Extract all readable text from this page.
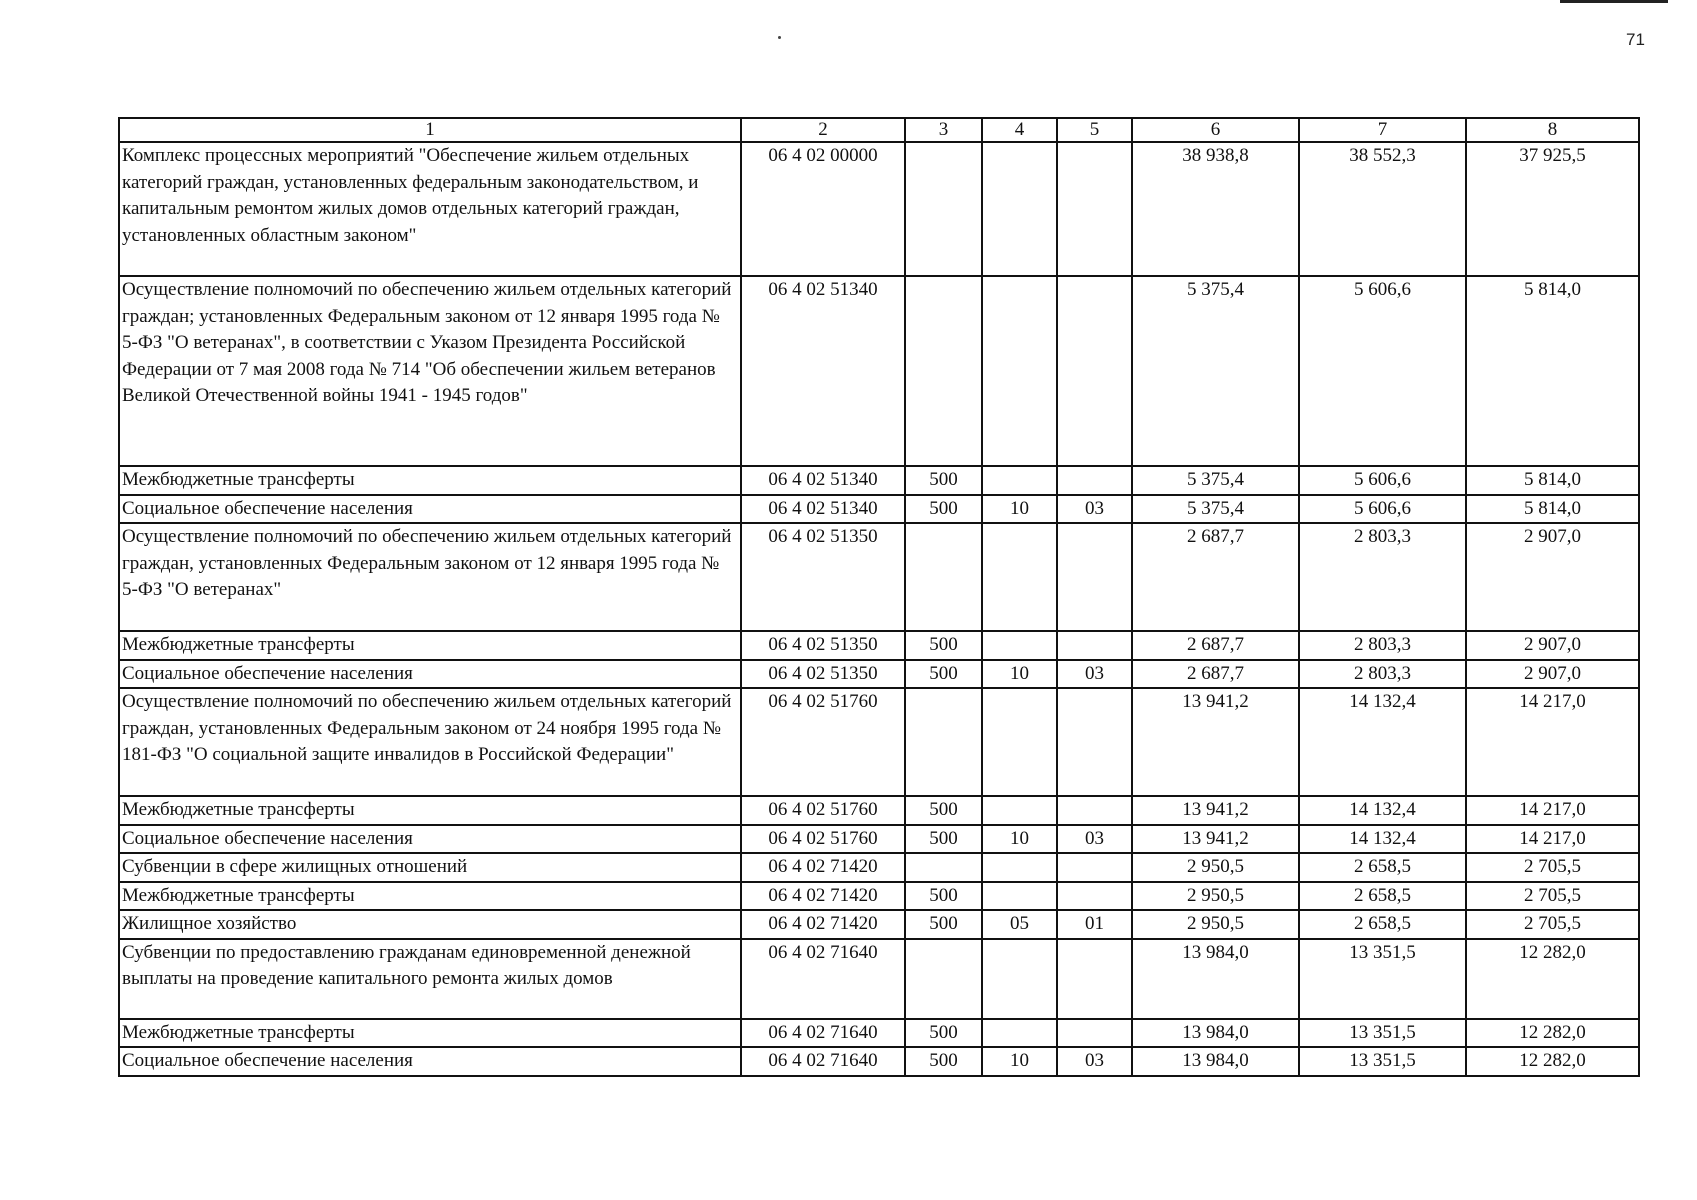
71
1	2	3	4	5	6	7	8
Комплекс процессных мероприятий "Обеспечение жильем отдельных категорий граждан, установленных федеральным законодательством, и капитальным ремонтом жилых домов отдельных категорий граждан, установленных областным законом"	06 4 02 00000				38 938,8	38 552,3	37 925,5
Осуществление полномочий по обеспечению жильем отдельных категорий граждан; установленных Федеральным законом от 12 января 1995 года № 5-ФЗ "О ветеранах", в соответствии с Указом Президента Российской Федерации от 7 мая 2008 года № 714 "Об обеспечении жильем ветеранов Великой Отечественной войны 1941 - 1945 годов"	06 4 02 51340				5 375,4	5 606,6	5 814,0
Межбюджетные трансферты	06 4 02 51340	500			5 375,4	5 606,6	5 814,0
Социальное обеспечение населения	06 4 02 51340	500	10	03	5 375,4	5 606,6	5 814,0
Осуществление полномочий по обеспечению жильем отдельных категорий граждан, установленных Федеральным законом от 12 января 1995 года № 5-ФЗ "О ветеранах"	06 4 02 51350				2 687,7	2 803,3	2 907,0
Межбюджетные трансферты	06 4 02 51350	500			2 687,7	2 803,3	2 907,0
Социальное обеспечение населения	06 4 02 51350	500	10	03	2 687,7	2 803,3	2 907,0
Осуществление полномочий по обеспечению жильем отдельных категорий граждан, установленных Федеральным законом от 24 ноября 1995 года № 181-ФЗ "О социальной защите инвалидов в Российской Федерации"	06 4 02 51760				13 941,2	14 132,4	14 217,0
Межбюджетные трансферты	06 4 02 51760	500			13 941,2	14 132,4	14 217,0
Социальное обеспечение населения	06 4 02 51760	500	10	03	13 941,2	14 132,4	14 217,0
Субвенции в сфере жилищных отношений	06 4 02 71420				2 950,5	2 658,5	2 705,5
Межбюджетные трансферты	06 4 02 71420	500			2 950,5	2 658,5	2 705,5
Жилищное хозяйство	06 4 02 71420	500	05	01	2 950,5	2 658,5	2 705,5
Субвенции по предоставлению гражданам единовременной денежной выплаты на проведение капитального ремонта жилых домов	06 4 02 71640				13 984,0	13 351,5	12 282,0
Межбюджетные трансферты	06 4 02 71640	500			13 984,0	13 351,5	12 282,0
Социальное обеспечение населения	06 4 02 71640	500	10	03	13 984,0	13 351,5	12 282,0
